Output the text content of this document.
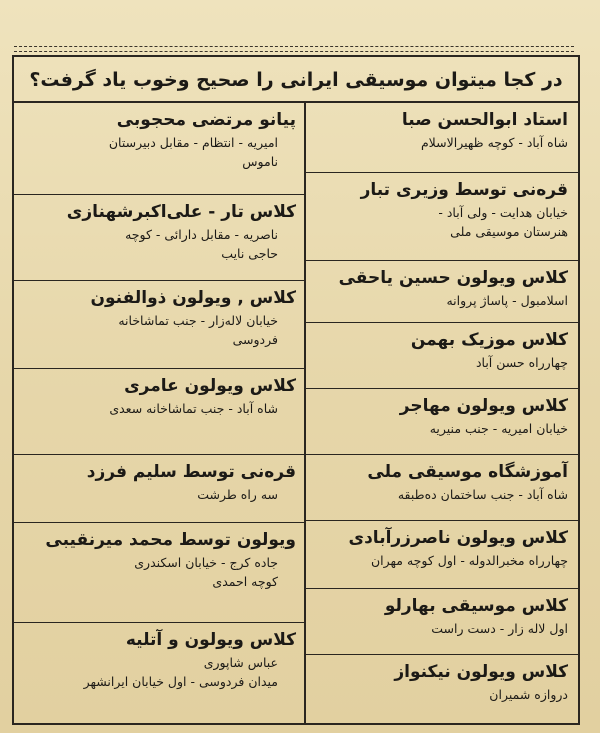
در کجا میتوان موسیقی ایرانی را صحیح وخوب یاد گرفت؟
استاد ابوالحسن صبا
شاه آباد - کوچه ظهیرالاسلام
قره‌نی توسط وزیری تبار
خیابان هدایت - ولی آباد -
هنرستان موسیقی ملی
کلاس ویولون حسین یاحقی
اسلامبول - پاساژ پروانه
کلاس موزیک بهمن
چهارراه حسن آباد
کلاس ویولون مهاجر
خیابان امیریه - جنب منیریه
آموزشگاه موسیقی ملی
شاه آباد - جنب ساختمان دەطبقه
کلاس ویولون ناصرزرآبادی
چهارراه مخبرالدوله - اول کوچه مهران
کلاس موسیقی بهارلو
اول لاله زار - دست راست
کلاس ویولون نیکنواز
دروازه شمیران
پیانو مرتضی محجوبی
امیریه - انتظام - مقابل دبیرستان
ناموس
کلاس تار - علی‌اکبرشهنازی
ناصریه - مقابل دارائی - کوچه
حاجی نایب
کلاس , ویولون ذوالفنون
خیابان لاله‌زار - جنب تماشاخانه
فردوسی
کلاس ویولون عامری
شاه آباد - جنب تماشاخانه سعدی
قره‌نی توسط سلیم فرزد
سه راه طرشت
ویولون توسط محمد میرنقیبی
جاده کرج - خیابان اسکندری
کوچه احمدی
کلاس ویولون و آتلیه
عباس شاپوری
میدان فردوسی - اول خیابان ایرانشهر
